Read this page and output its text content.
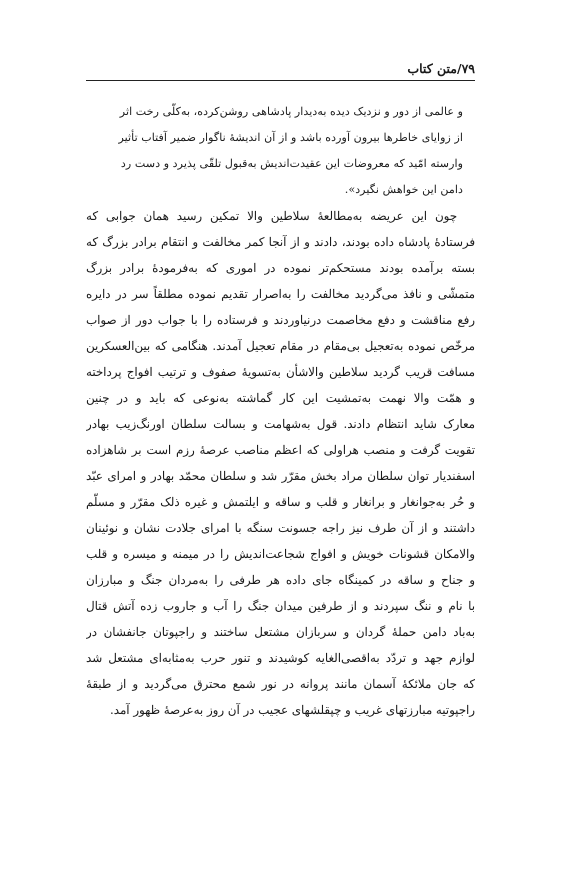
۷۹/متن کتاب
و عالمی از دور و نزدیک دیده بەدیدار پادشاهی روشن‌کرده، بەکلّی رخت اثر
از زوایای خاطرها بیرون آورده باشد و از آن اندیشهٔ ناگوار ضمیر آفتاب تأثیر
وارسته امّید که معروضات این عقیدت‌اندیش بەقبول تلقّی پذیرد و دست رد
دامن این خواهش نگیرد».
چون این عریضه بەمطالعهٔ سلاطین والا تمکین رسید همان جوابی که
فرستادهٔ پادشاه داده بودند، دادند و از آنجا کمر مخالفت و انتقام برادر بزرگ که
بسته برآمده بودند مستحکم‌تر نموده در اموری که بەفرمودهٔ برادر بزرگ
متمشّی و نافذ می‌گردید مخالفت را بەاصرار تقدیم نموده مطلقاً سر در دایره
رفع مناقشت و دفع مخاصمت درنیاوردند و فرستاده را با جواب دور از صواب
مرخّص نموده بەتعجیل بی‌مقام در مقام تعجیل آمدند. هنگامی که بین‌العسکرین
مسافت قریب گردید سلاطین والاشأن بەتسویهٔ صفوف و ترتیب افواج پرداخته
و همّت والا نهمت بەتمشیت این کار گماشته بەنوعی که باید و در چنین
معارک شاید انتظام دادند. قول بەشهامت و بسالت سلطان اورنگ‌زیب بهادر
تقویت گرفت و منصب هراولی که اعظم مناصب عرصهٔ رزم است بر شاهزاده
اسفندیار توان سلطان مراد بخش مقرّر شد و سلطان محمّد بهادر و امرای عبّد
و حُر بەجوانغار و برانغار و قلب و ساقه و ایلتمش و غیره ذلک مقرّر و مسلّم
داشتند و از آن طرف نیز راجه جسونت سنگه با امرای جلادت نشان و نوئینان
والامکان قشونات خویش و افواج شجاعت‌اندیش را در میمنه و میسره و قلب
و جناح و ساقه در کمینگاه جای داده هر طرفی را بەمردان جنگ و مبارزان
با نام و ننگ سپردند و از طرفین میدان جنگ را آب و جاروب زده آتش قتال
بەباد دامن حملهٔ گردان و سربازان مشتعل ساختند و راجپوتان جانفشان در
لوازم جهد و تردّد بەاقصی‌الغایه کوشیدند و تنور حرب بەمثابه‌ای مشتعل شد
که جان ملائکهٔ آسمان مانند پروانه در نور شمع محترق می‌گردید و از طبقهٔ
راجپوتیه مبارزتهای غریب و چپقلشهای عجیب در آن روز بەعرصهٔ ظهور آمد.
